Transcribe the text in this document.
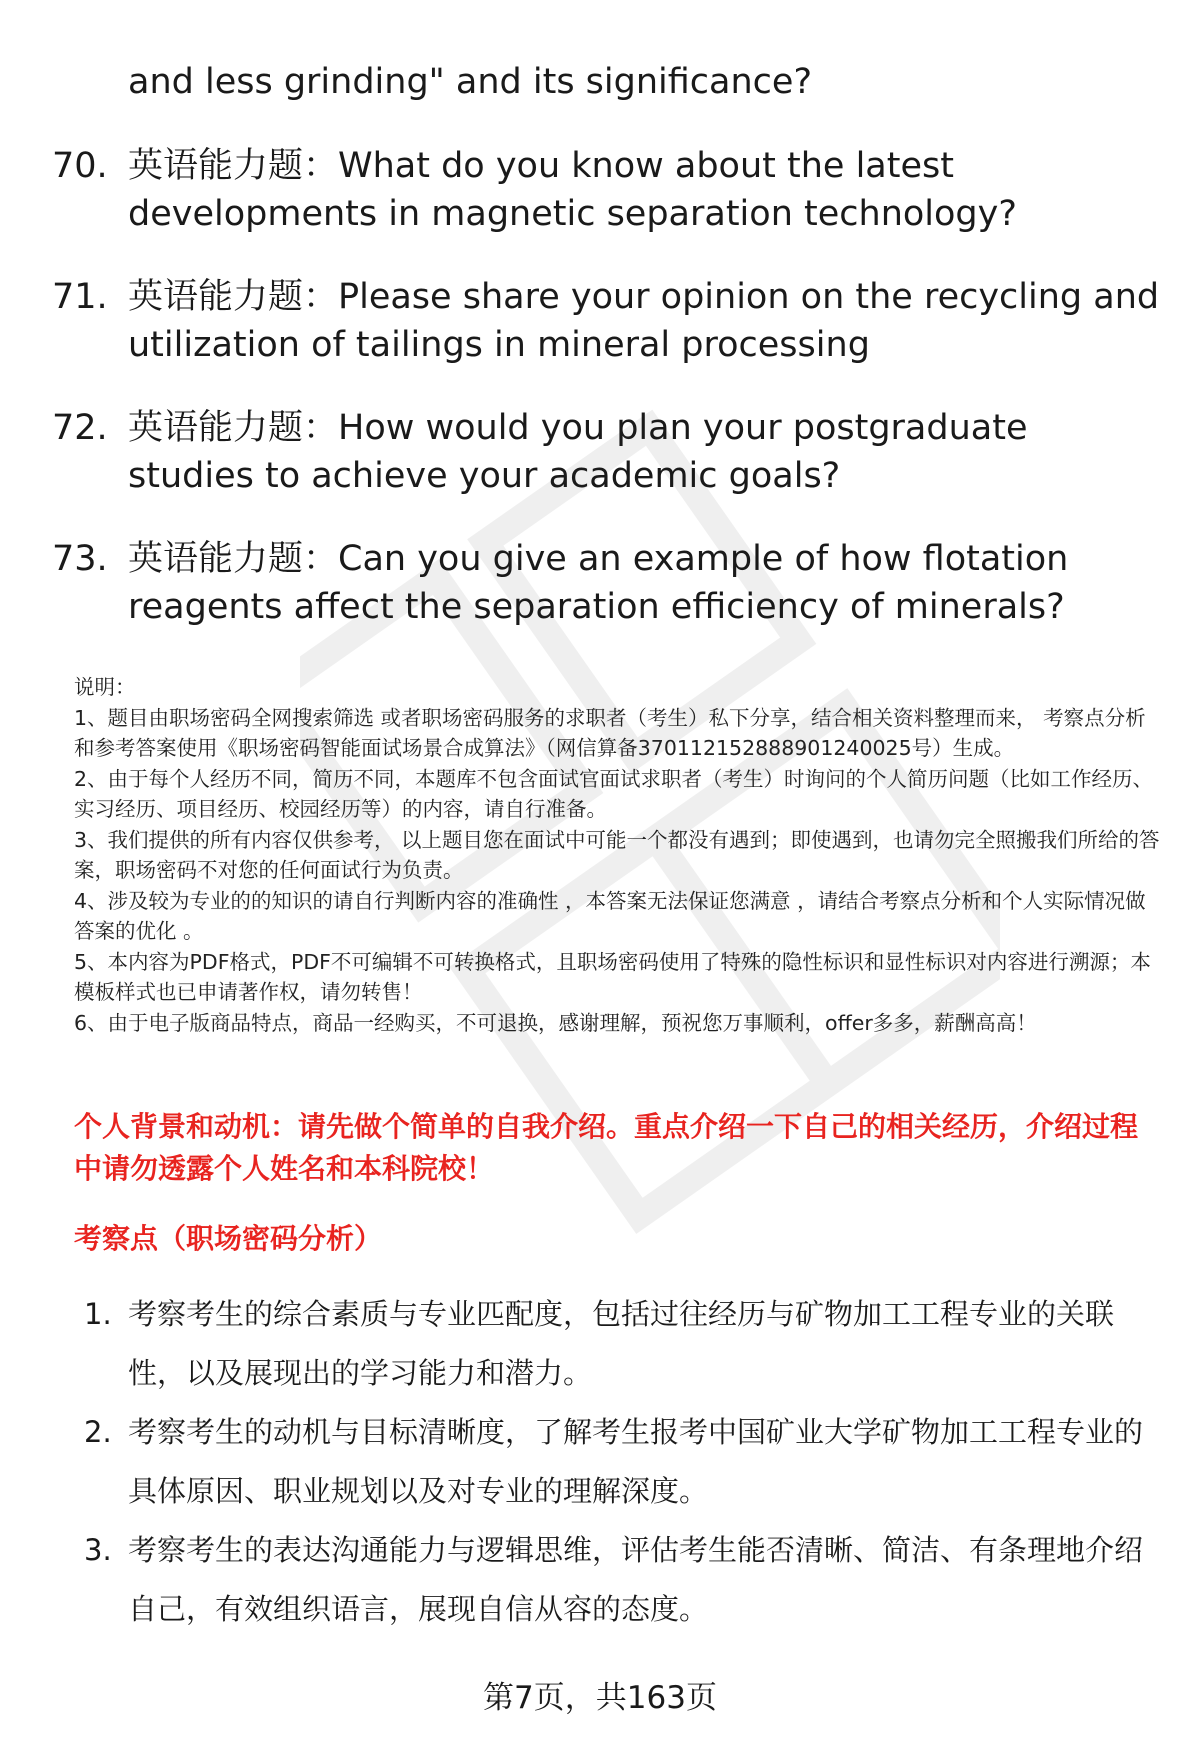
and less grinding" and its significance?
70. 英语能力题：What do you know about the latest developments in magnetic separation technology?
71. 英语能力题：Please share your opinion on the recycling and utilization of tailings in mineral processing
72. 英语能力题：How would you plan your postgraduate studies to achieve your academic goals?
73. 英语能力题：Can you give an example of how flotation reagents affect the separation efficiency of minerals?

说明：

1、题目由职场密码全网搜索筛选 或者职场密码服务的求职者（考生）私下分享，结合相关资料整理而来， 考察点分析和参考答案使用《职场密码智能面试场景合成算法》（网信算备370112152888901240025号）生成。

2、由于每个人经历不同，简历不同，本题库不包含面试官面试求职者（考生）时询问的个人简历问题（比如工作经历、实习经历、项目经历、校园经历等）的内容，请自行准备。

3、我们提供的所有内容仅供参考， 以上题目您在面试中可能一个都没有遇到；即使遇到，也请勿完全照搬我们所给的答案，职场密码不对您的任何面试行为负责。

4、涉及较为专业的的知识的请自行判断内容的准确性 ，本答案无法保证您满意 ，请结合考察点分析和个人实际情况做答案的优化 。

5、本内容为PDF格式，PDF不可编辑不可转换格式，且职场密码使用了特殊的隐性标识和显性标识对内容进行溯源；本模板样式也已申请著作权，请勿转售！

6、由于电子版商品特点，商品一经购买，不可退换，感谢理解，预祝您万事顺利，offer多多，薪酬高高！

个人背景和动机：请先做个简单的自我介绍。重点介绍一下自己的相关经历，介绍过程中请勿透露个人姓名和本科院校！
考察点（职场密码分析）
1. 考察考生的综合素质与专业匹配度，包括过往经历与矿物加工工程专业的关联性，以及展现出的学习能力和潜力。
2. 考察考生的动机与目标清晰度，了解考生报考中国矿业大学矿物加工工程专业的具体原因、职业规划以及对专业的理解深度。
3. 考察考生的表达沟通能力与逻辑思维，评估考生能否清晰、简洁、有条理地介绍自己，有效组织语言，展现自信从容的态度。
第7页，共163页
